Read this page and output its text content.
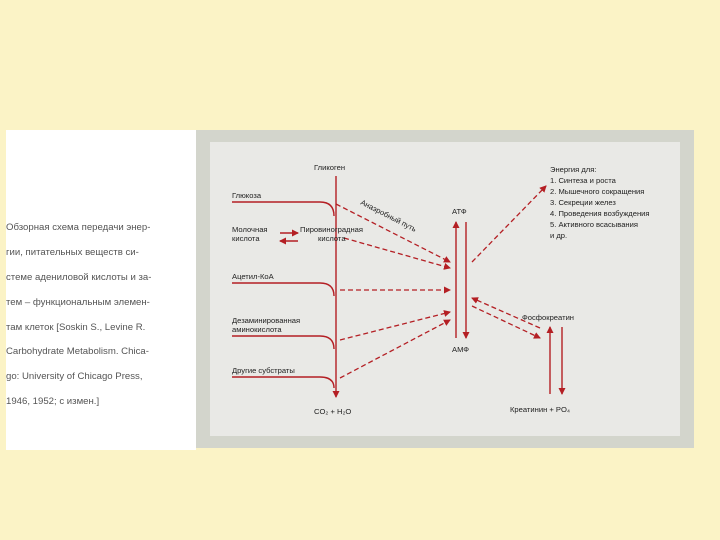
Обзорная схема передачи энер-

гии, питательных веществ си-

стеме адениловой кислоты и за-

тем – функциональным элемен-

там клеток [Soskin S., Levine R.

Carbohydrate Metabolism. Chica-

go: University of Chicago Press,

1946, 1952; с измен.]

Гликоген
Глюкоза
Молочная
кислота
Пировиноградная
кислота
Анаэробный путь
Ацетил-КоА
Дезаминированная
аминокислота
Другие субстраты
CO₂ + H₂O
АТФ
АМФ
Фосфокреатин
Креатинин + PO₄
Энергия для:
1. Синтеза и роста
2. Мышечного сокращения
3. Секреции желез
4. Проведения возбуждения
5. Активного всасывания
и др.
